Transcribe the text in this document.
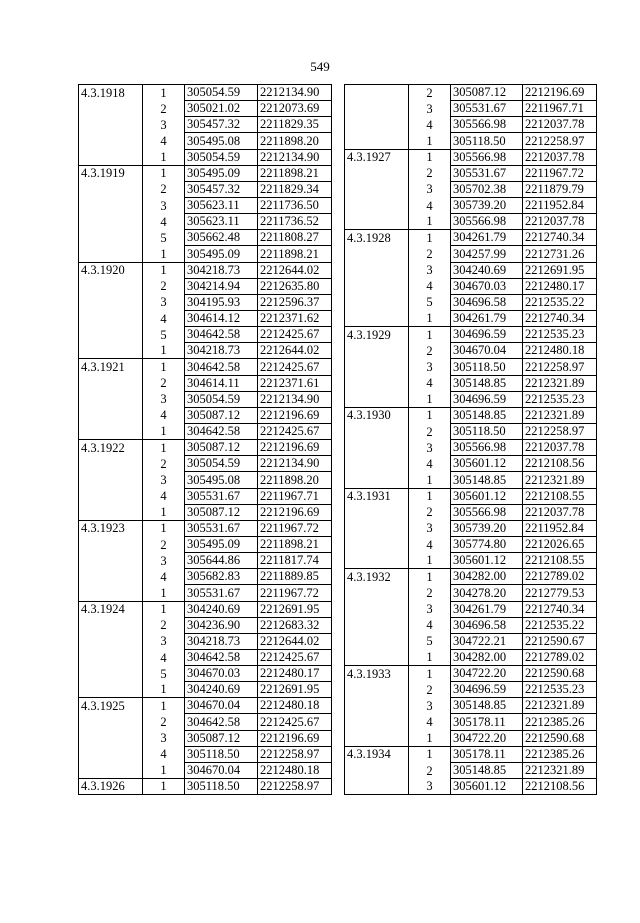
549
4.3.1918	1	305054.59	2212134.90
	2	305021.02	2212073.69
	3	305457.32	2211829.35
	4	305495.08	2211898.20
	1	305054.59	2212134.90
4.3.1919	1	305495.09	2211898.21
	2	305457.32	2211829.34
	3	305623.11	2211736.50
	4	305623.11	2211736.52
	5	305662.48	2211808.27
	1	305495.09	2211898.21
4.3.1920	1	304218.73	2212644.02
	2	304214.94	2212635.80
	3	304195.93	2212596.37
	4	304614.12	2212371.62
	5	304642.58	2212425.67
	1	304218.73	2212644.02
4.3.1921	1	304642.58	2212425.67
	2	304614.11	2212371.61
	3	305054.59	2212134.90
	4	305087.12	2212196.69
	1	304642.58	2212425.67
4.3.1922	1	305087.12	2212196.69
	2	305054.59	2212134.90
	3	305495.08	2211898.20
	4	305531.67	2211967.71
	1	305087.12	2212196.69
4.3.1923	1	305531.67	2211967.72
	2	305495.09	2211898.21
	3	305644.86	2211817.74
	4	305682.83	2211889.85
	1	305531.67	2211967.72
4.3.1924	1	304240.69	2212691.95
	2	304236.90	2212683.32
	3	304218.73	2212644.02
	4	304642.58	2212425.67
	5	304670.03	2212480.17
	1	304240.69	2212691.95
4.3.1925	1	304670.04	2212480.18
	2	304642.58	2212425.67
	3	305087.12	2212196.69
	4	305118.50	2212258.97
	1	304670.04	2212480.18
4.3.1926	1	305118.50	2212258.97
	2	305087.12	2212196.69
	3	305531.67	2211967.71
	4	305566.98	2212037.78
	1	305118.50	2212258.97
4.3.1927	1	305566.98	2212037.78
	2	305531.67	2211967.72
	3	305702.38	2211879.79
	4	305739.20	2211952.84
	1	305566.98	2212037.78
4.3.1928	1	304261.79	2212740.34
	2	304257.99	2212731.26
	3	304240.69	2212691.95
	4	304670.03	2212480.17
	5	304696.58	2212535.22
	1	304261.79	2212740.34
4.3.1929	1	304696.59	2212535.23
	2	304670.04	2212480.18
	3	305118.50	2212258.97
	4	305148.85	2212321.89
	1	304696.59	2212535.23
4.3.1930	1	305148.85	2212321.89
	2	305118.50	2212258.97
	3	305566.98	2212037.78
	4	305601.12	2212108.56
	1	305148.85	2212321.89
4.3.1931	1	305601.12	2212108.55
	2	305566.98	2212037.78
	3	305739.20	2211952.84
	4	305774.80	2212026.65
	1	305601.12	2212108.55
4.3.1932	1	304282.00	2212789.02
	2	304278.20	2212779.53
	3	304261.79	2212740.34
	4	304696.58	2212535.22
	5	304722.21	2212590.67
	1	304282.00	2212789.02
4.3.1933	1	304722.20	2212590.68
	2	304696.59	2212535.23
	3	305148.85	2212321.89
	4	305178.11	2212385.26
	1	304722.20	2212590.68
4.3.1934	1	305178.11	2212385.26
	2	305148.85	2212321.89
	3	305601.12	2212108.56
